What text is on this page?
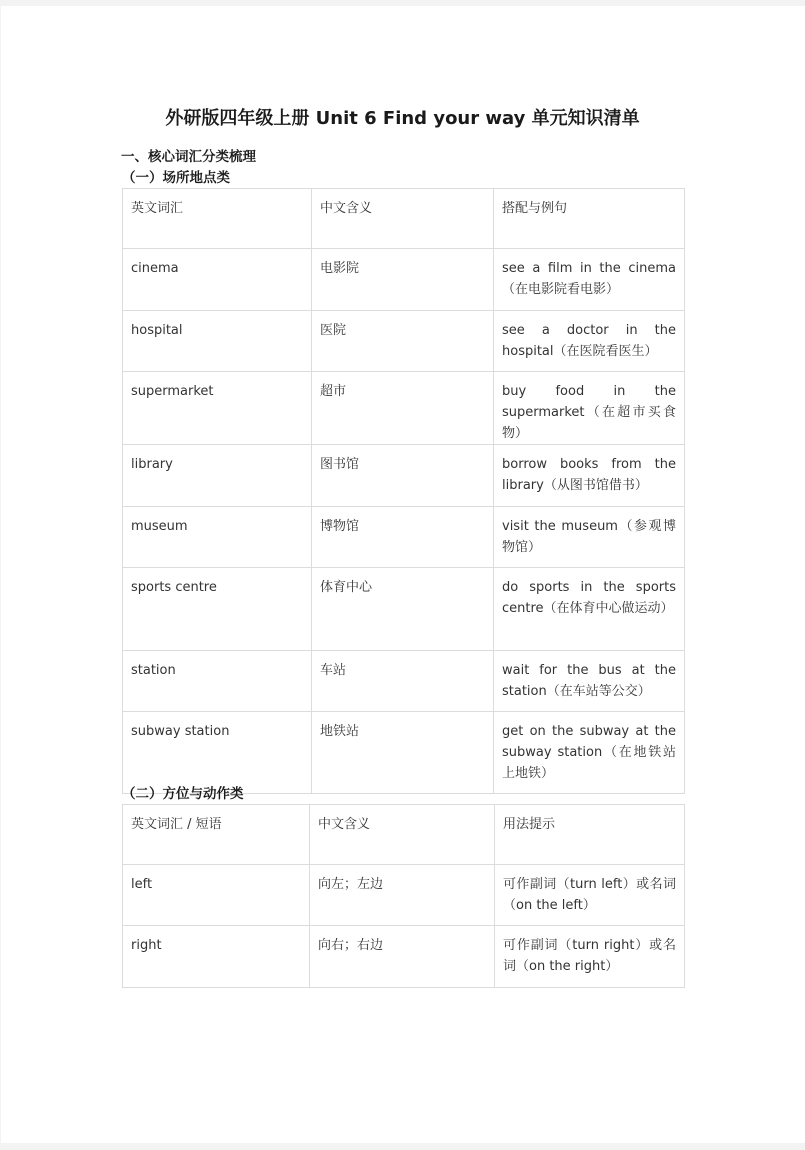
外研版四年级上册 Unit 6 Find your way 单元知识清单
一、核心词汇分类梳理
（一）场所地点类
英文词汇	中文含义	搭配与例句
cinema	电影院	see a film in the cinema（在电影院看电影）
hospital	医院	see a doctor in the hospital（在医院看医生）
supermarket	超市	buy food in the supermarket（在超市买食物）
library	图书馆	borrow books from the library（从图书馆借书）
museum	博物馆	visit the museum（参观博物馆）
sports centre	体育中心	do sports in the sports centre（在体育中心做运动）
station	车站	wait for the bus at the station（在车站等公交）
subway station	地铁站	get on the subway at the subway station（在地铁站上地铁）
（二）方位与动作类
英文词汇 / 短语	中文含义	用法提示
left	向左；左边	可作副词（turn left）或名词（on the left）
right	向右；右边	可作副词（turn right）或名词（on the right）
